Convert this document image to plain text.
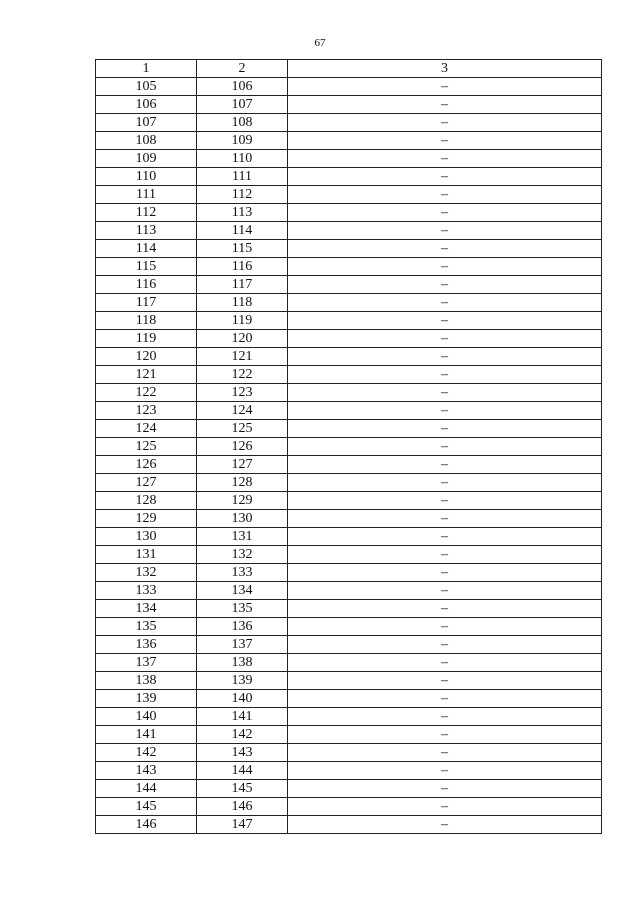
67
1	2	3
105	106	–
106	107	–
107	108	–
108	109	–
109	110	–
110	111	–
111	112	–
112	113	–
113	114	–
114	115	–
115	116	–
116	117	–
117	118	–
118	119	–
119	120	–
120	121	–
121	122	–
122	123	–
123	124	–
124	125	–
125	126	–
126	127	–
127	128	–
128	129	–
129	130	–
130	131	–
131	132	–
132	133	–
133	134	–
134	135	–
135	136	–
136	137	–
137	138	–
138	139	–
139	140	–
140	141	–
141	142	–
142	143	–
143	144	–
144	145	–
145	146	–
146	147	–
